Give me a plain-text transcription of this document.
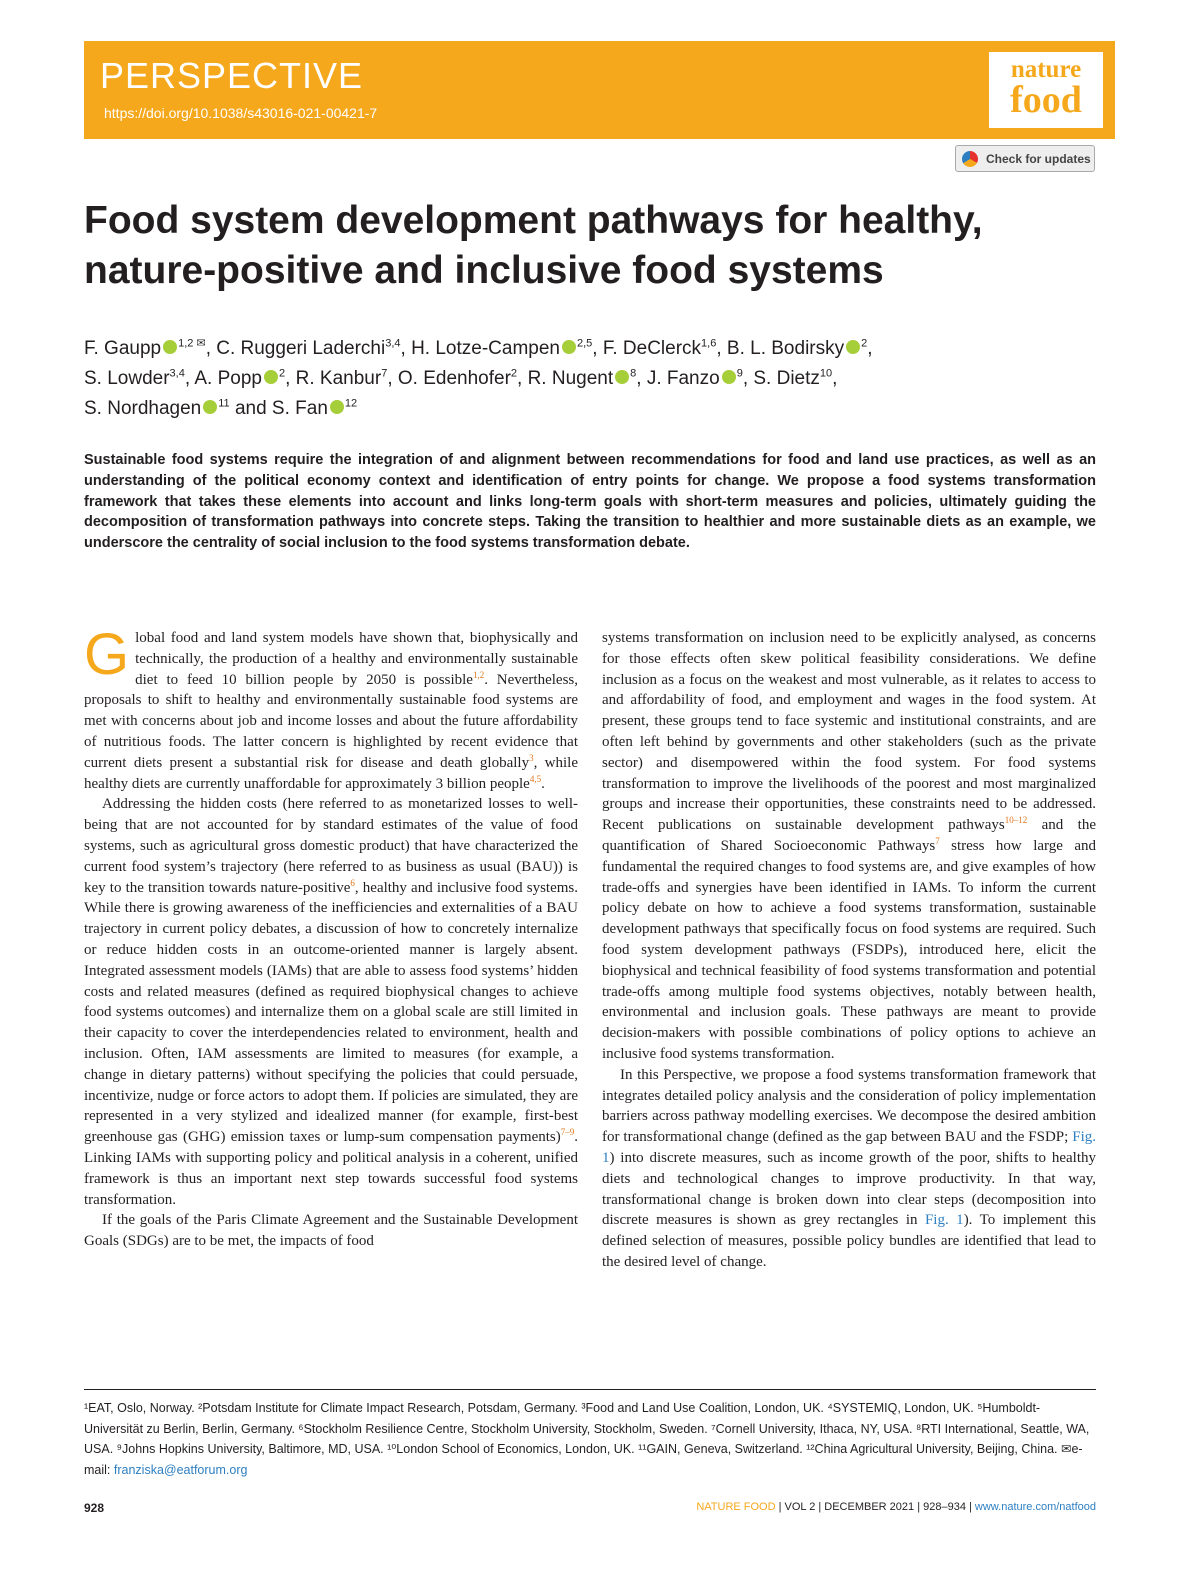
PERSPECTIVE
https://doi.org/10.1038/s43016-021-00421-7
nature
food
Check for updates
Food system development pathways for healthy, nature-positive and inclusive food systems
F. Gaupp $^{1,2 ✉}$, C. Ruggeri Laderchi$^{3,4}$, H. Lotze-Campen $^{2,5}$, F. DeClerck$^{1,6}$, B. L. Bodirsky $^2$,
S. Lowder$^{3,4}$, A. Popp $^2$, R. Kanbur$^7$, O. Edenhofer$^2$, R. Nugent $^8$, J. Fanzo $^9$, S. Dietz$^{10}$,
S. Nordhagen $^{11}$ and S. Fan $^{12}$

Sustainable food systems require the integration of and alignment between recommendations for food and land use practices, as well as an understanding of the political economy context and identification of entry points for change. We propose a food systems transformation framework that takes these elements into account and links long-term goals with short-term measures and policies, ultimately guiding the decomposition of transformation pathways into concrete steps. Taking the transition to healthier and more sustainable diets as an example, we underscore the centrality of social inclusion to the food systems transformation debate.

Global food and land system models have shown that, biophysically and technically, the production of a healthy and environmentally sustainable diet to feed 10 billion people by 2050 is possible$^{1,2}$. Nevertheless, proposals to shift to healthy and environmentally sustainable food systems are met with concerns about job and income losses and about the future affordability of nutritious foods. The latter concern is highlighted by recent evidence that current diets present a substantial risk for disease and death globally$^3$, while healthy diets are currently unaffordable for approximately 3 billion people$^{4,5}$.

Addressing the hidden costs (here referred to as monetarized losses to well-being that are not accounted for by standard estimates of the value of food systems, such as agricultural gross domestic product) that have characterized the current food system’s trajectory (here referred to as business as usual (BAU)) is key to the transition towards nature-positive$^6$, healthy and inclusive food systems. While there is growing awareness of the inefficiencies and externalities of a BAU trajectory in current policy debates, a discussion of how to concretely internalize or reduce hidden costs in an outcome-oriented manner is largely absent. Integrated assessment models (IAMs) that are able to assess food systems’ hidden costs and related measures (defined as required biophysical changes to achieve food systems outcomes) and internalize them on a global scale are still limited in their capacity to cover the interdependencies related to environment, health and inclusion. Often, IAM assessments are limited to measures (for example, a change in dietary patterns) without specifying the policies that could persuade, incentivize, nudge or force actors to adopt them. If policies are simulated, they are represented in a very stylized and idealized manner (for example, first-best greenhouse gas (GHG) emission taxes or lump-sum compensation payments)$^{7-9}$. Linking IAMs with supporting policy and political analysis in a coherent, unified framework is thus an important next step towards successful food systems transformation.

If the goals of the Paris Climate Agreement and the Sustainable Development Goals (SDGs) are to be met, the impacts of food

systems transformation on inclusion need to be explicitly analysed, as concerns for those effects often skew political feasibility considerations. We define inclusion as a focus on the weakest and most vulnerable, as it relates to access to and affordability of food, and employment and wages in the food system. At present, these groups tend to face systemic and institutional constraints, and are often left behind by governments and other stakeholders (such as the private sector) and disempowered within the food system. For food systems transformation to improve the livelihoods of the poorest and most marginalized groups and increase their opportunities, these constraints need to be addressed. Recent publications on sustainable development pathways$^{10-12}$ and the quantification of Shared Socioeconomic Pathways$^7$ stress how large and fundamental the required changes to food systems are, and give examples of how trade-offs and synergies have been identified in IAMs. To inform the current policy debate on how to achieve a food systems transformation, sustainable development pathways that specifically focus on food systems are required. Such food system development pathways (FSDPs), introduced here, elicit the biophysical and technical feasibility of food systems transformation and potential trade-offs among multiple food systems objectives, notably between health, environmental and inclusion goals. These pathways are meant to provide decision-makers with possible combinations of policy options to achieve an inclusive food systems transformation.

In this Perspective, we propose a food systems transformation framework that integrates detailed policy analysis and the consideration of policy implementation barriers across pathway modelling exercises. We decompose the desired ambition for transformational change (defined as the gap between BAU and the FSDP; Fig. 1) into discrete measures, such as income growth of the poor, shifts to healthy diets and technological changes to improve productivity. In that way, transformational change is broken down into clear steps (decomposition into discrete measures is shown as grey rectangles in Fig. 1). To implement this defined selection of measures, possible policy bundles are identified that lead to the desired level of change.

¹EAT, Oslo, Norway. ²Potsdam Institute for Climate Impact Research, Potsdam, Germany. ³Food and Land Use Coalition, London, UK. ⁴SYSTEMIQ, London, UK. ⁵Humboldt-Universität zu Berlin, Berlin, Germany. ⁶Stockholm Resilience Centre, Stockholm University, Stockholm, Sweden. ⁷Cornell University, Ithaca, NY, USA. ⁸RTI International, Seattle, WA, USA. ⁹Johns Hopkins University, Baltimore, MD, USA. ¹⁰London School of Economics, London, UK. ¹¹GAIN, Geneva, Switzerland. ¹²China Agricultural University, Beijing, China. ✉e-mail: franziska@eatforum.org

928	NATURE FOOD | VOL 2 | DECEMBER 2021 | 928–934 | www.nature.com/natfood
